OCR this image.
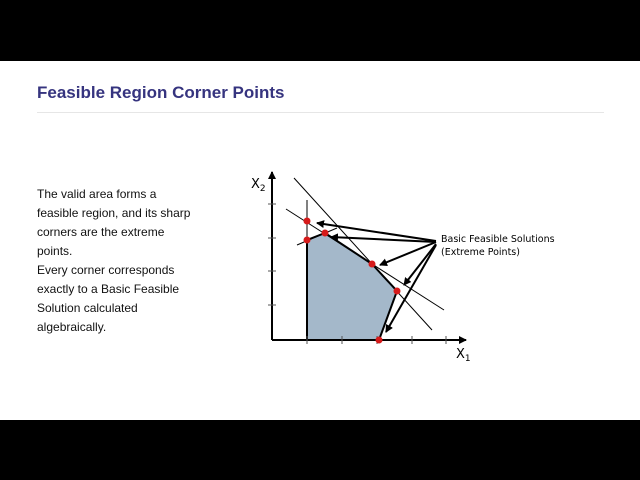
Feasible Region Corner Points

The valid area forms a feasible region, and its sharp corners are the extreme points.

Every corner corresponds exactly to a Basic Feasible Solution calculated algebraically.

$X_2$
$X_1$
Basic Feasible Solutions
(Extreme Points)
